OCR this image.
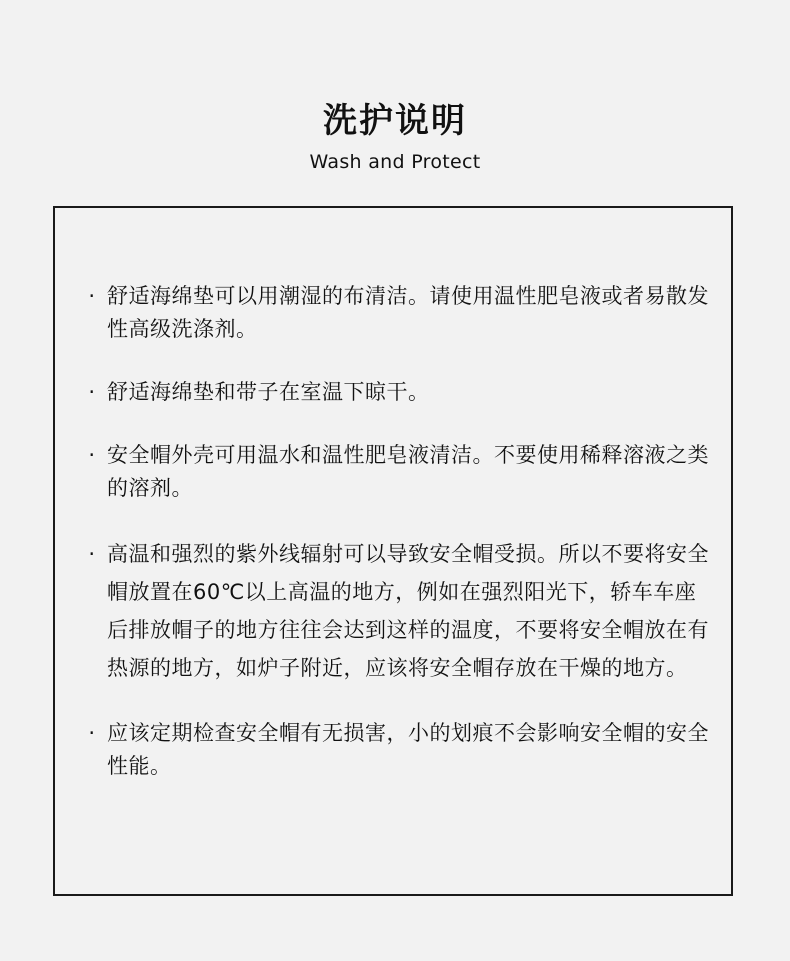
洗护说明
Wash and Protect
· 舒适海绵垫可以用潮湿的布清洁。请使用温性肥皂液或者易散发性高级洗涤剂。
· 舒适海绵垫和带子在室温下晾干。
· 安全帽外壳可用温水和温性肥皂液清洁。不要使用稀释溶液之类的溶剂。
· 高温和强烈的紫外线辐射可以导致安全帽受损。所以不要将安全帽放置在60℃以上高温的地方，例如在强烈阳光下，轿车车座后排放帽子的地方往往会达到这样的温度，不要将安全帽放在有热源的地方，如炉子附近，应该将安全帽存放在干燥的地方。
· 应该定期检查安全帽有无损害，小的划痕不会影响安全帽的安全性能。
